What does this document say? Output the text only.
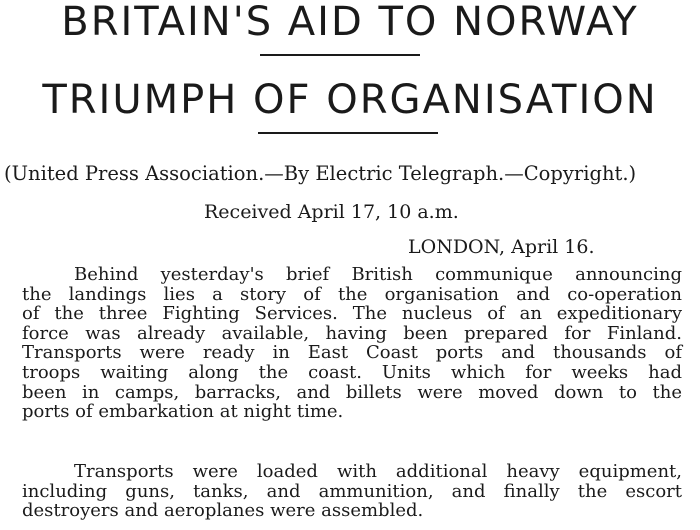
BRITAIN'S AID TO NORWAY
TRIUMPH OF ORGANISATION
(United Press Association.—By Electric Telegraph.—Copyright.)
Received April 17, 10 a.m.
LONDON, April 16.
Behind yesterday's brief British communique announcing
the landings lies a story of the organisation and co-operation
of the three Fighting Services. The nucleus of an expeditionary
force was already available, having been prepared for Finland.
Transports were ready in East Coast ports and thousands of
troops waiting along the coast. Units which for weeks had
been in camps, barracks, and billets were moved down to the
ports of embarkation at night time.
Transports were loaded with additional heavy equipment,
including guns, tanks, and ammunition, and finally the escort
destroyers and aeroplanes were assembled.
